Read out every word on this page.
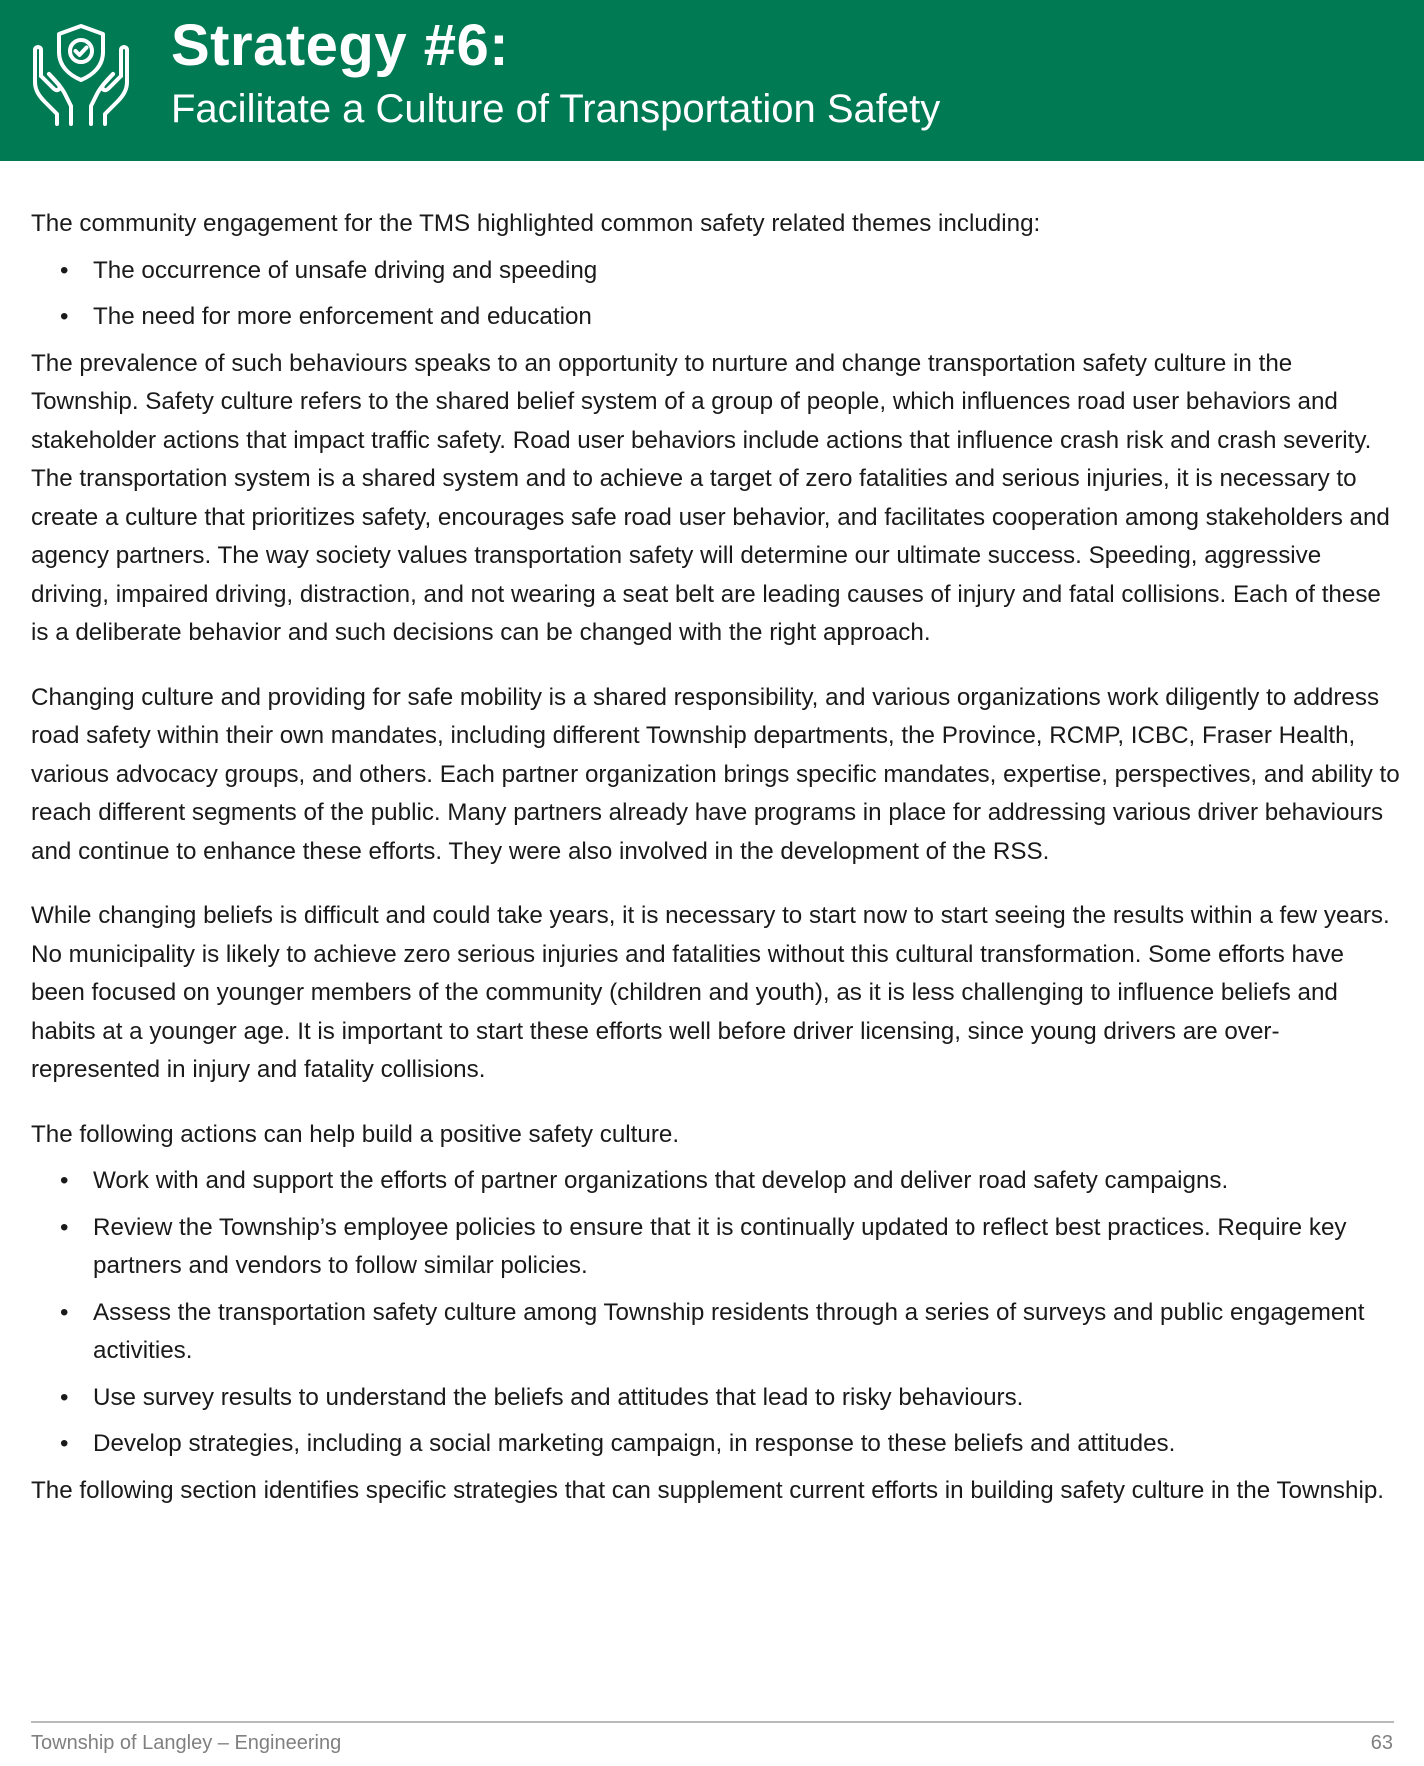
Strategy #6:
Facilitate a Culture of Transportation Safety

The community engagement for the TMS highlighted common safety related themes including:

• The occurrence of unsafe driving and speeding
• The need for more enforcement and education

The prevalence of such behaviours speaks to an opportunity to nurture and change transportation safety culture in the Township. Safety culture refers to the shared belief system of a group of people, which influences road user behaviors and stakeholder actions that impact traffic safety. Road user behaviors include actions that influence crash risk and crash severity. The transportation system is a shared system and to achieve a target of zero fatalities and serious injuries, it is necessary to create a culture that prioritizes safety, encourages safe road user behavior, and facilitates cooperation among stakeholders and agency partners. The way society values transportation safety will determine our ultimate success. Speeding, aggressive driving, impaired driving, distraction, and not wearing a seat belt are leading causes of injury and fatal collisions. Each of these is a deliberate behavior and such decisions can be changed with the right approach.

Changing culture and providing for safe mobility is a shared responsibility, and various organizations work diligently to address road safety within their own mandates, including different Township departments, the Province, RCMP, ICBC, Fraser Health, various advocacy groups, and others. Each partner organization brings specific mandates, expertise, perspectives, and ability to reach different segments of the public. Many partners already have programs in place for addressing various driver behaviours and continue to enhance these efforts. They were also involved in the development of the RSS.

While changing beliefs is difficult and could take years, it is necessary to start now to start seeing the results within a few years. No municipality is likely to achieve zero serious injuries and fatalities without this cultural transformation. Some efforts have been focused on younger members of the community (children and youth), as it is less challenging to influence beliefs and habits at a younger age. It is important to start these efforts well before driver licensing, since young drivers are over-represented in injury and fatality collisions.

The following actions can help build a positive safety culture.

• Work with and support the efforts of partner organizations that develop and deliver road safety campaigns.
• Review the Township’s employee policies to ensure that it is continually updated to reflect best practices. Require key partners and vendors to follow similar policies.
• Assess the transportation safety culture among Township residents through a series of surveys and public engagement activities.
• Use survey results to understand the beliefs and attitudes that lead to risky behaviours.
• Develop strategies, including a social marketing campaign, in response to these beliefs and attitudes.

The following section identifies specific strategies that can supplement current efforts in building safety culture in the Township.

Township of Langley – Engineering	63
